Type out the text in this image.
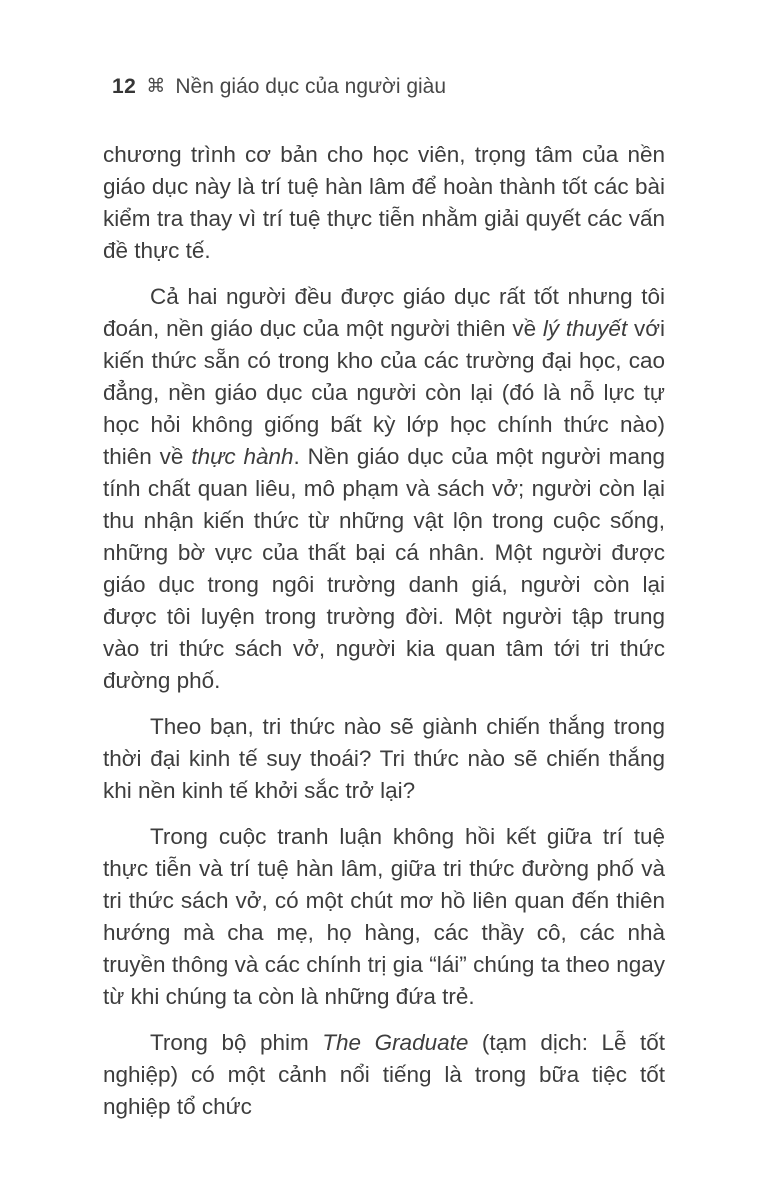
12 ⌘ Nền giáo dục của người giàu

chương trình cơ bản cho học viên, trọng tâm của nền giáo dục này là trí tuệ hàn lâm để hoàn thành tốt các bài kiểm tra thay vì trí tuệ thực tiễn nhằm giải quyết các vấn đề thực tế.

Cả hai người đều được giáo dục rất tốt nhưng tôi đoán, nền giáo dục của một người thiên về lý thuyết với kiến thức sẵn có trong kho của các trường đại học, cao đẳng, nền giáo dục của người còn lại (đó là nỗ lực tự học hỏi không giống bất kỳ lớp học chính thức nào) thiên về thực hành. Nền giáo dục của một người mang tính chất quan liêu, mô phạm và sách vở; người còn lại thu nhận kiến thức từ những vật lộn trong cuộc sống, những bờ vực của thất bại cá nhân. Một người được giáo dục trong ngôi trường danh giá, người còn lại được tôi luyện trong trường đời. Một người tập trung vào tri thức sách vở, người kia quan tâm tới tri thức đường phố.

Theo bạn, tri thức nào sẽ giành chiến thắng trong thời đại kinh tế suy thoái? Tri thức nào sẽ chiến thắng khi nền kinh tế khởi sắc trở lại?

Trong cuộc tranh luận không hồi kết giữa trí tuệ thực tiễn và trí tuệ hàn lâm, giữa tri thức đường phố và tri thức sách vở, có một chút mơ hồ liên quan đến thiên hướng mà cha mẹ, họ hàng, các thầy cô, các nhà truyền thông và các chính trị gia “lái” chúng ta theo ngay từ khi chúng ta còn là những đứa trẻ.

Trong bộ phim The Graduate (tạm dịch: Lễ tốt nghiệp) có một cảnh nổi tiếng là trong bữa tiệc tốt nghiệp tổ chức
